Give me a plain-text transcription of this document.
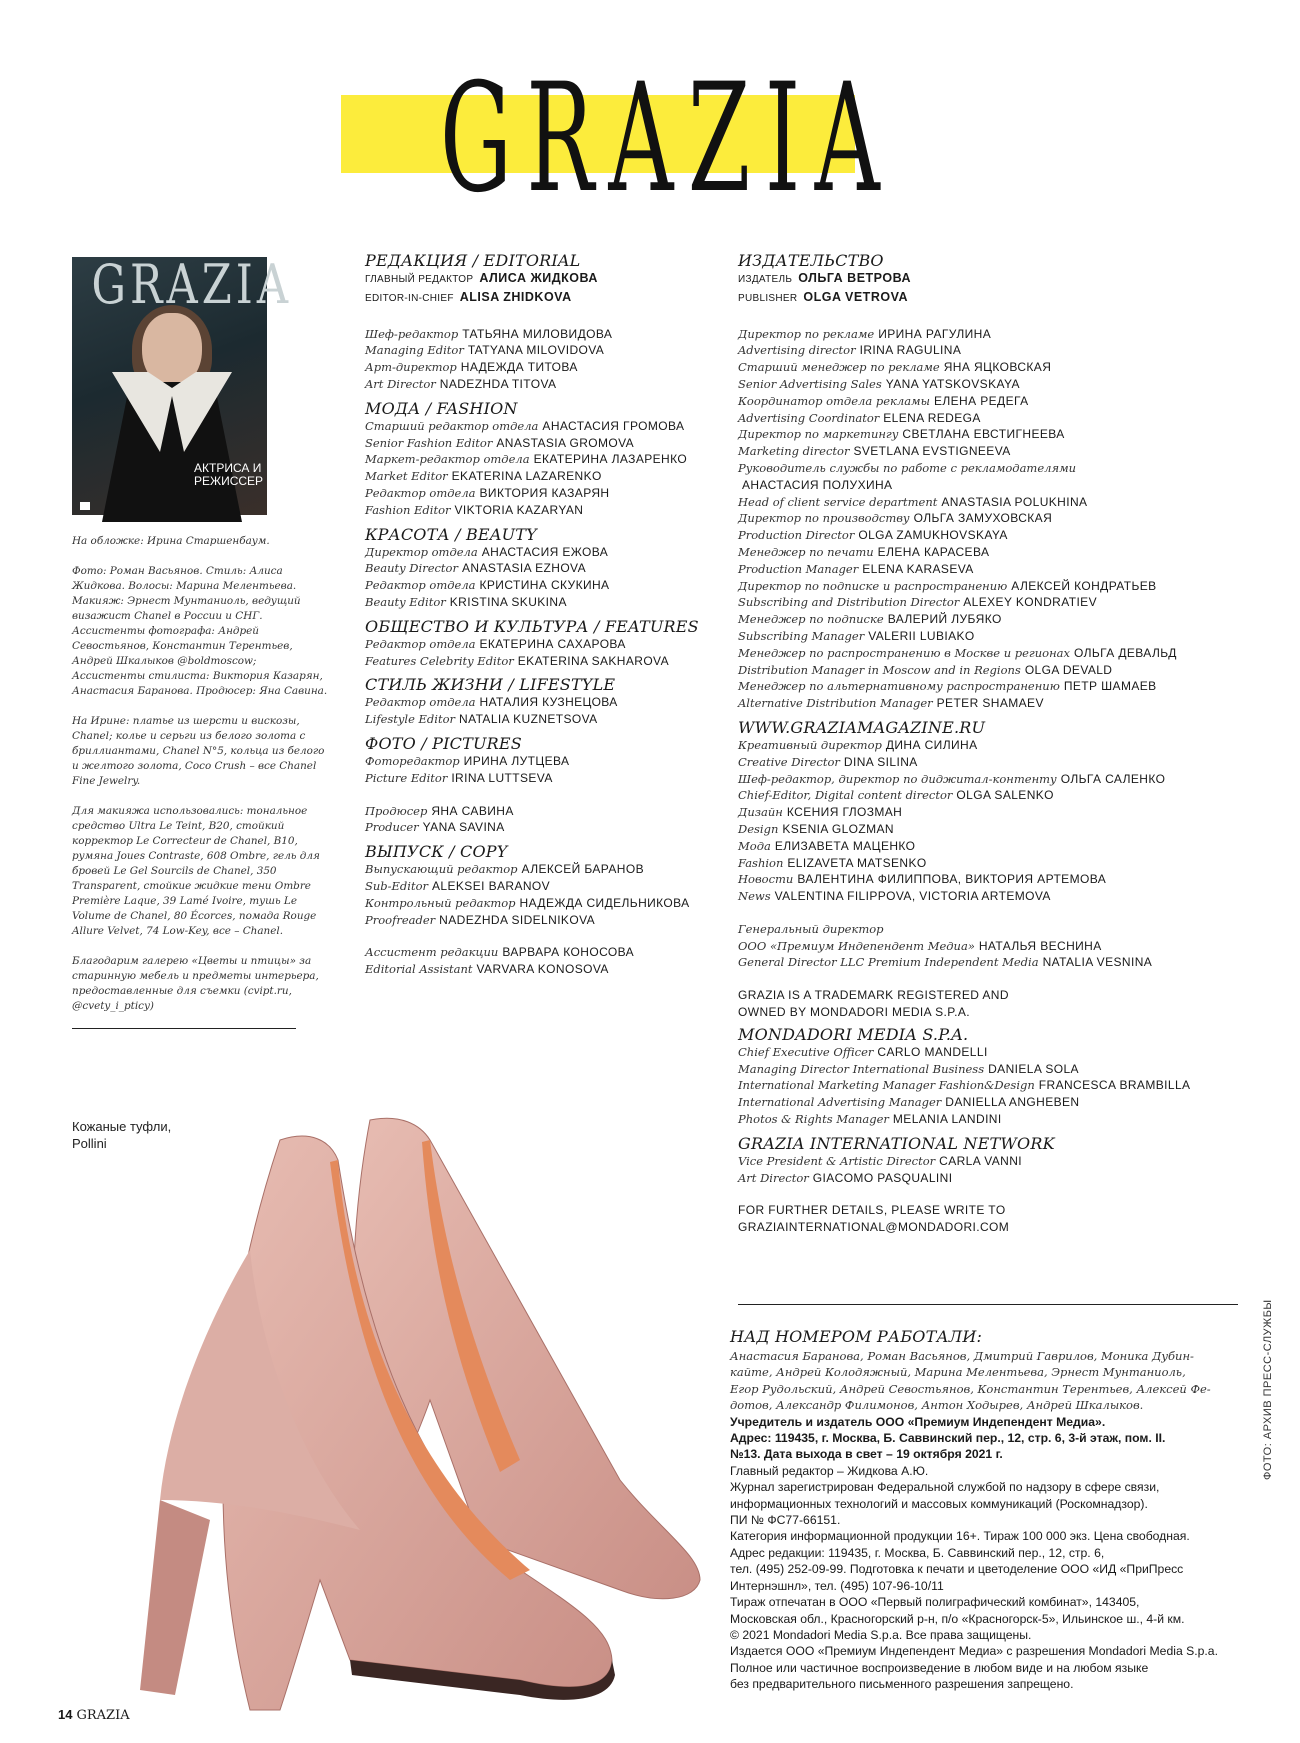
GRAZIA
GRAZIA
АКТРИСА И РЕЖИССЕР

На обложке: Ирина Старшенбаум.

Фото: Роман Васьянов. Стиль: Алиса Жидкова. Волосы: Марина Мелентьева. Макияж: Эрнест Мунтаниоль, ведущий визажист Chanel в России и СНГ. Ассистенты фотографа: Андрей Севостьянов, Константин Терентьев, Андрей Шкалыков @boldmoscow; Ассистенты стилиста: Виктория Казарян, Анастасия Баранова. Продюсер: Яна Савина.

На Ирине: платье из шерсти и вискозы, Chanel; колье и серьги из белого золота с бриллиантами, Chanel N°5, кольца из белого и желтого золота, Coco Crush – все Chanel Fine Jewelry.

Для макияжа использовались: тональное средство Ultra Le Teint, B20, стойкий корректор Le Correcteur de Chanel, B10, румяна Joues Contraste, 608 Ombre, гель для бровей Le Gel Sourcils de Chanel, 350 Transparent, стойкие жидкие тени Ombre Première Laque, 39 Lamé Ivoire, тушь Le Volume de Chanel, 80 Écorces, помада Rouge Allure Velvet, 74 Low-Key, все – Chanel.

Благодарим галерею «Цветы и птицы» за старинную мебель и предметы интерьера, предоставленные для съемки (cvipt.ru, @cvety_i_pticy)

РЕДАКЦИЯ / EDITORIAL
ГЛАВНЫЙ РЕДАКТОР АЛИСА ЖИДКОВА
EDITOR-IN-CHIEF ALISA ZHIDKOVA
Шеф-редактор ТАТЬЯНА МИЛОВИДОВА
Managing Editor TATYANA MILOVIDOVA
Арт-директор НАДЕЖДА ТИТОВА
Art Director NADEZHDA TITOVA
МОДА / FASHION
Старший редактор отдела АНАСТАСИЯ ГРОМОВА
Senior Fashion Editor ANASTASIA GROMOVA
Маркет-редактор отдела ЕКАТЕРИНА ЛАЗАРЕНКО
Market Editor EKATERINA LAZARENKO
Редактор отдела ВИКТОРИЯ КАЗАРЯН
Fashion Editor VIKTORIA KAZARYAN
КРАСОТА / BEAUTY
Директор отдела АНАСТАСИЯ ЕЖОВА
Beauty Director ANASTASIA EZHOVA
Редактор отдела КРИСТИНА СКУКИНА
Beauty Editor KRISTINA SKUKINA
ОБЩЕСТВО И КУЛЬТУРА / FEATURES
Редактор отдела ЕКАТЕРИНА САХАРОВА
Features Celebrity Editor EKATERINA SAKHAROVA
СТИЛЬ ЖИЗНИ / LIFESTYLE
Редактор отдела НАТАЛИЯ КУЗНЕЦОВА
Lifestyle Editor NATALIA KUZNETSOVA
ФОТО / PICTURES
Фоторедактор ИРИНА ЛУТЦЕВА
Picture Editor IRINA LUTTSEVA
Продюсер ЯНА САВИНА
Producer YANA SAVINA
ВЫПУСК / COPY
Выпускающий редактор АЛЕКСЕЙ БАРАНОВ
Sub-Editor ALEKSEI BARANOV
Контрольный редактор НАДЕЖДА СИДЕЛЬНИКОВА
Proofreader NADEZHDA SIDELNIKOVA
Ассистент редакции ВАРВАРА КОНОСОВА
Editorial Assistant VARVARA KONOSOVA
ИЗДАТЕЛЬСТВО
ИЗДАТЕЛЬ ОЛЬГА ВЕТРОВА
PUBLISHER OLGA VETROVA
Директор по рекламе ИРИНА РАГУЛИНА
Advertising director IRINA RAGULINA
Старший менеджер по рекламе ЯНА ЯЦКОВСКАЯ
Senior Advertising Sales YANA YATSKOVSKAYA
Координатор отдела рекламы ЕЛЕНА РЕДЕГА
Advertising Coordinator ELENA REDEGA
Директор по маркетингу СВЕТЛАНА ЕВСТИГНЕЕВА
Marketing director SVETLANA EVSTIGNEEVA
Руководитель службы по работе с рекламодателями
АНАСТАСИЯ ПОЛУХИНА
Head of client service department ANASTASIA POLUKHINA
Директор по производству ОЛЬГА ЗАМУХОВСКАЯ
Production Director OLGA ZAMUKHOVSKAYA
Менеджер по печати ЕЛЕНА КАРАСЕВА
Production Manager ELENA KARASEVA
Директор по подписке и распространению АЛЕКСЕЙ КОНДРАТЬЕВ
Subscribing and Distribution Director ALEXEY KONDRATIEV
Менеджер по подписке ВАЛЕРИЙ ЛУБЯКО
Subscribing Manager VALERII LUBIAKO
Менеджер по распространению в Москве и регионах ОЛЬГА ДЕВАЛЬД
Distribution Manager in Moscow and in Regions OLGA DEVALD
Менеджер по альтернативному распространению ПЕТР ШАМАЕВ
Alternative Distribution Manager PETER SHAMAEV
WWW.GRAZIAMAGAZINE.RU
Креативный директор ДИНА СИЛИНА
Creative Director DINA SILINA
Шеф-редактор, директор по диджитал-контенту ОЛЬГА САЛЕНКО
Chief-Editor, Digital content director OLGA SALENKO
Дизайн КСЕНИЯ ГЛОЗМАН
Design KSENIA GLOZMAN
Мода ЕЛИЗАВЕТА МАЦЕНКО
Fashion ELIZAVETA MATSENKO
Новости ВАЛЕНТИНА ФИЛИППОВА, ВИКТОРИЯ АРТЕМОВА
News VALENTINA FILIPPOVA, VICTORIA ARTEMOVA
Генеральный директор
ООО «Премиум Индепендент Медиа» НАТАЛЬЯ ВЕСНИНА
General Director LLC Premium Independent Media NATALIA VESNINA
GRAZIA IS A TRADEMARK REGISTERED AND
OWNED BY MONDADORI MEDIA S.P.A.
MONDADORI MEDIA S.P.A.
Chief Executive Officer CARLO MANDELLI
Managing Director International Business DANIELA SOLA
International Marketing Manager Fashion&Design FRANCESCA BRAMBILLA
International Advertising Manager DANIELLA ANGHEBEN
Photos & Rights Manager MELANIA LANDINI
GRAZIA INTERNATIONAL NETWORK
Vice President & Artistic Director CARLA VANNI
Art Director GIACOMO PASQUALINI
FOR FURTHER DETAILS, PLEASE WRITE TO
GRAZIAINTERNATIONAL@MONDADORI.COM
Кожаные туфли,
Pollini
НАД НОМЕРОМ РАБОТАЛИ:
Анастасия Баранова, Роман Васьянов, Дмитрий Гаврилов, Моника Дубин-
кайте, Андрей Колодяжный, Марина Мелентьева, Эрнест Мунтаниоль,
Егор Рудольский, Андрей Севостьянов, Константин Терентьев, Алексей Фе-
дотов, Александр Филимонов, Антон Ходырев, Андрей Шкалыков.
Учредитель и издатель ООО «Премиум Индепендент Медиа».
Адрес: 119435, г. Москва, Б. Саввинский пер., 12, стр. 6, 3-й этаж, пом. II.
№13. Дата выхода в свет – 19 октября 2021 г.
Главный редактор – Жидкова А.Ю.
Журнал зарегистрирован Федеральной службой по надзору в сфере связи,
информационных технологий и массовых коммуникаций (Роскомнадзор).
ПИ № ФС77-66151.
Категория информационной продукции 16+. Тираж 100 000 экз. Цена свободная.
Адрес редакции: 119435, г. Москва, Б. Саввинский пер., 12, стр. 6,
тел. (495) 252-09-99. Подготовка к печати и цветоделение ООО «ИД «ПриПресс
Интернэшнл», тел. (495) 107-96-10/11
Тираж отпечатан в ООО «Первый полиграфический комбинат», 143405,
Московская обл., Красногорский р-н, п/о «Красногорск-5», Ильинское ш., 4-й км.
© 2021 Mondadori Media S.p.a. Все права защищены.
Издается ООО «Премиум Индепендент Медиа» с разрешения Mondadori Media S.p.a.
Полное или частичное воспроизведение в любом виде и на любом языке
без предварительного письменного разрешения запрещено.
ФОТО: АРХИВ ПРЕСС-СЛУЖБЫ
14 GRAZIA
